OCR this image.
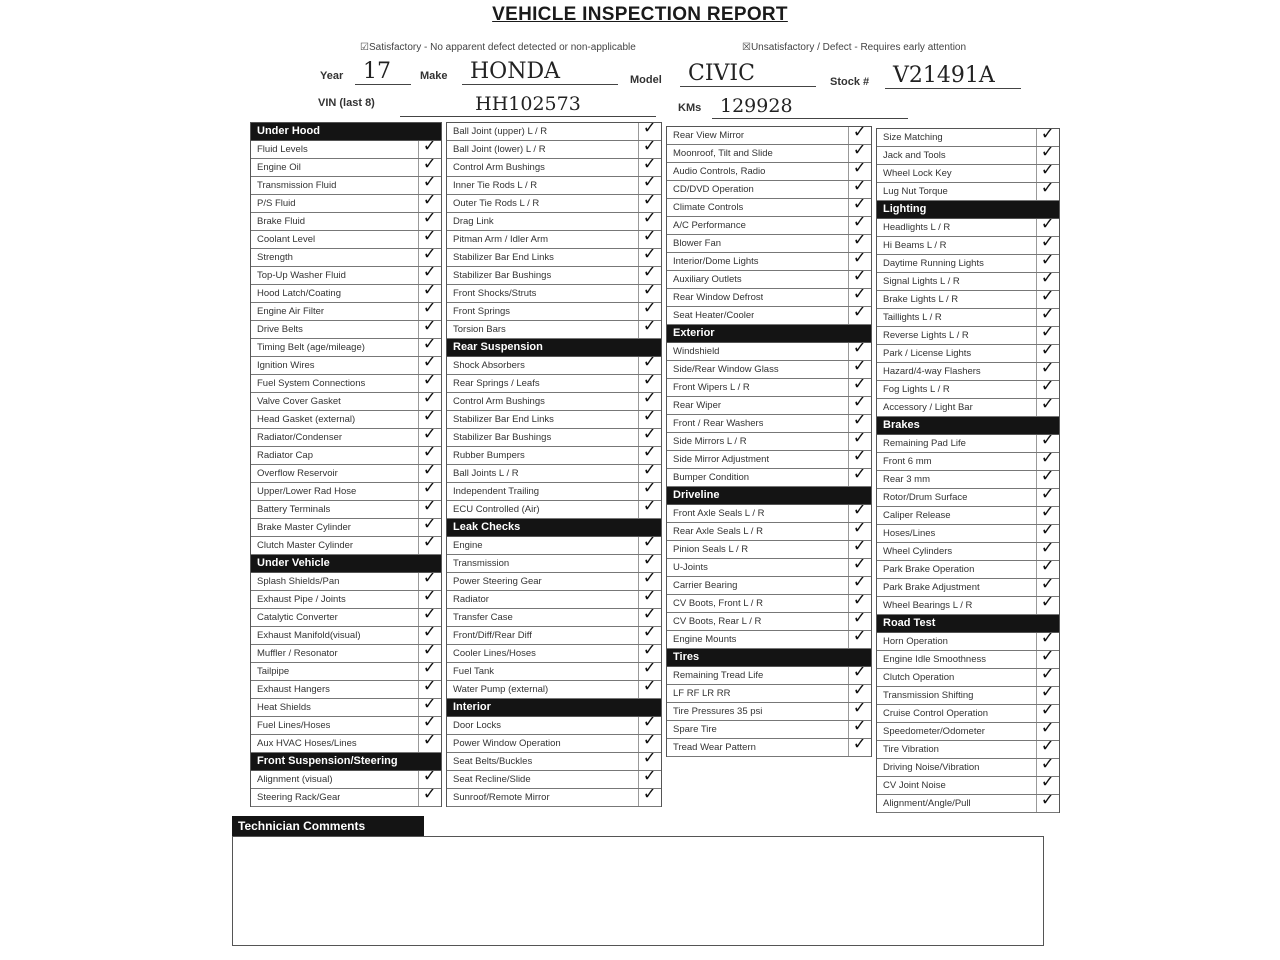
VEHICLE INSPECTION REPORT
☑Satisfactory - No apparent defect detected or non-applicable	☒Unsatisfactory / Defect - Requires early attention
Year 17	Make	HONDA	Model	CIVIC	Stock #	V21491A
VIN (last 8)	HH102573	KMs 129928
Under Hood
Fluid Levels	✓
Engine Oil	✓
Transmission Fluid	✓
P/S Fluid	✓
Brake Fluid	✓
Coolant Level	✓
Strength	✓
Top-Up Washer Fluid	✓
Hood Latch/Coating	✓
Engine Air Filter	✓
Drive Belts	✓
Timing Belt (age/mileage)	✓
Ignition Wires	✓
Fuel System Connections	✓
Valve Cover Gasket	✓
Head Gasket (external)	✓
Radiator/Condenser	✓
Radiator Cap	✓
Overflow Reservoir	✓
Upper/Lower Rad Hose	✓
Battery Terminals	✓
Brake Master Cylinder	✓
Clutch Master Cylinder	✓
Under Vehicle
Splash Shields/Pan	✓
Exhaust Pipe / Joints	✓
Catalytic Converter	✓
Exhaust Manifold(visual)	✓
Muffler / Resonator	✓
Tailpipe	✓
Exhaust Hangers	✓
Heat Shields	✓
Fuel Lines/Hoses	✓
Aux HVAC Hoses/Lines	✓
Front Suspension/Steering
Alignment (visual)	✓
Steering Rack/Gear	✓
Ball Joint (upper) L / R	✓
Ball Joint (lower) L / R	✓
Control Arm Bushings	✓
Inner Tie Rods L / R	✓
Outer Tie Rods L / R	✓
Drag Link	✓
Pitman Arm / Idler Arm	✓
Stabilizer Bar End Links	✓
Stabilizer Bar Bushings	✓
Front Shocks/Struts	✓
Front Springs	✓
Torsion Bars	✓
Rear Suspension
Shock Absorbers	✓
Rear Springs / Leafs	✓
Control Arm Bushings	✓
Stabilizer Bar End Links	✓
Stabilizer Bar Bushings	✓
Rubber Bumpers	✓
Ball Joints L / R	✓
Independent Trailing	✓
ECU Controlled (Air)	✓
Leak Checks
Engine	✓
Transmission	✓
Power Steering Gear	✓
Radiator	✓
Transfer Case	✓
Front/Diff/Rear Diff	✓
Cooler Lines/Hoses	✓
Fuel Tank	✓
Water Pump (external)	✓
Interior
Door Locks	✓
Power Window Operation	✓
Seat Belts/Buckles	✓
Seat Recline/Slide	✓
Sunroof/Remote Mirror	✓
Rear View Mirror	✓
Moonroof, Tilt and Slide	✓
Audio Controls, Radio	✓
CD/DVD Operation	✓
Climate Controls	✓
A/C Performance	✓
Blower Fan	✓
Interior/Dome Lights	✓
Auxiliary Outlets	✓
Rear Window Defrost	✓
Seat Heater/Cooler	✓
Exterior
Windshield	✓
Side/Rear Window Glass	✓
Front Wipers L / R	✓
Rear Wiper	✓
Front / Rear Washers	✓
Side Mirrors L / R	✓
Side Mirror Adjustment	✓
Bumper Condition	✓
Driveline
Front Axle Seals L / R	✓
Rear Axle Seals L / R	✓
Pinion Seals L / R	✓
U-Joints	✓
Carrier Bearing	✓
CV Boots, Front L / R	✓
CV Boots, Rear L / R	✓
Engine Mounts	✓
Tires
Remaining Tread Life	✓
LF RF LR RR	✓
Tire Pressures 35 psi	✓
Spare Tire	✓
Tread Wear Pattern	✓
Size Matching	✓
Jack and Tools	✓
Wheel Lock Key	✓
Lug Nut Torque	✓
Lighting
Headlights L / R	✓
Hi Beams L / R	✓
Daytime Running Lights	✓
Signal Lights L / R	✓
Brake Lights L / R	✓
Taillights L / R	✓
Reverse Lights L / R	✓
Park / License Lights	✓
Hazard/4-way Flashers	✓
Fog Lights L / R	✓
Accessory / Light Bar	✓
Brakes
Remaining Pad Life	✓
Front 6 mm	✓
Rear 3 mm	✓
Rotor/Drum Surface	✓
Caliper Release	✓
Hoses/Lines	✓
Wheel Cylinders	✓
Park Brake Operation	✓
Park Brake Adjustment	✓
Wheel Bearings L / R	✓
Road Test
Horn Operation	✓
Engine Idle Smoothness	✓
Clutch Operation	✓
Transmission Shifting	✓
Cruise Control Operation	✓
Speedometer/Odometer	✓
Tire Vibration	✓
Driving Noise/Vibration	✓
CV Joint Noise	✓
Alignment/Angle/Pull	✓
Technician Comments
